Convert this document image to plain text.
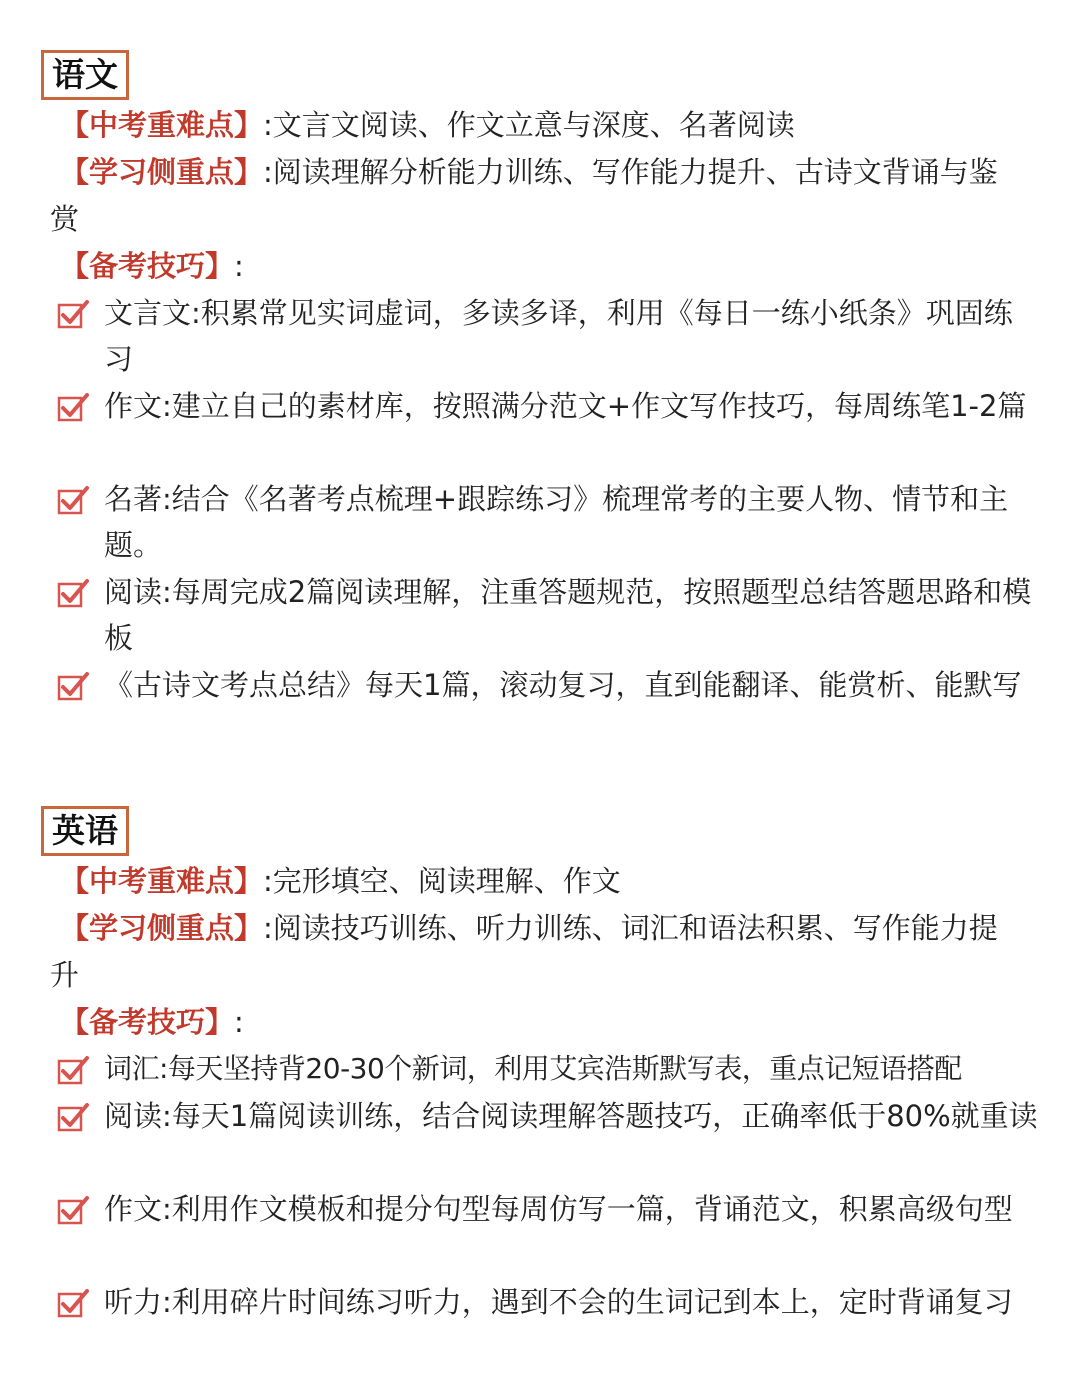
语文
【中考重难点】:文言文阅读、作文立意与深度、名著阅读
【学习侧重点】:阅读理解分析能力训练、写作能力提升、古诗文背诵与鉴
赏
【备考技巧】:
文言文:积累常见实词虚词，多读多译，利用《每日一练小纸条》巩固练习
作文:建立自己的素材库，按照满分范文+作文写作技巧，每周练笔1-2篇
名著:结合《名著考点梳理+跟踪练习》梳理常考的主要人物、情节和主题。
阅读:每周完成2篇阅读理解，注重答题规范，按照题型总结答题思路和模板
《古诗文考点总结》每天1篇，滚动复习，直到能翻译、能赏析、能默写
英语
【中考重难点】:完形填空、阅读理解、作文
【学习侧重点】:阅读技巧训练、听力训练、词汇和语法积累、写作能力提
升
【备考技巧】:
词汇:每天坚持背20-30个新词，利用艾宾浩斯默写表，重点记短语搭配
阅读:每天1篇阅读训练，结合阅读理解答题技巧，正确率低于80%就重读
作文:利用作文模板和提分句型每周仿写一篇，背诵范文，积累高级句型
听力:利用碎片时间练习听力，遇到不会的生词记到本上，定时背诵复习
